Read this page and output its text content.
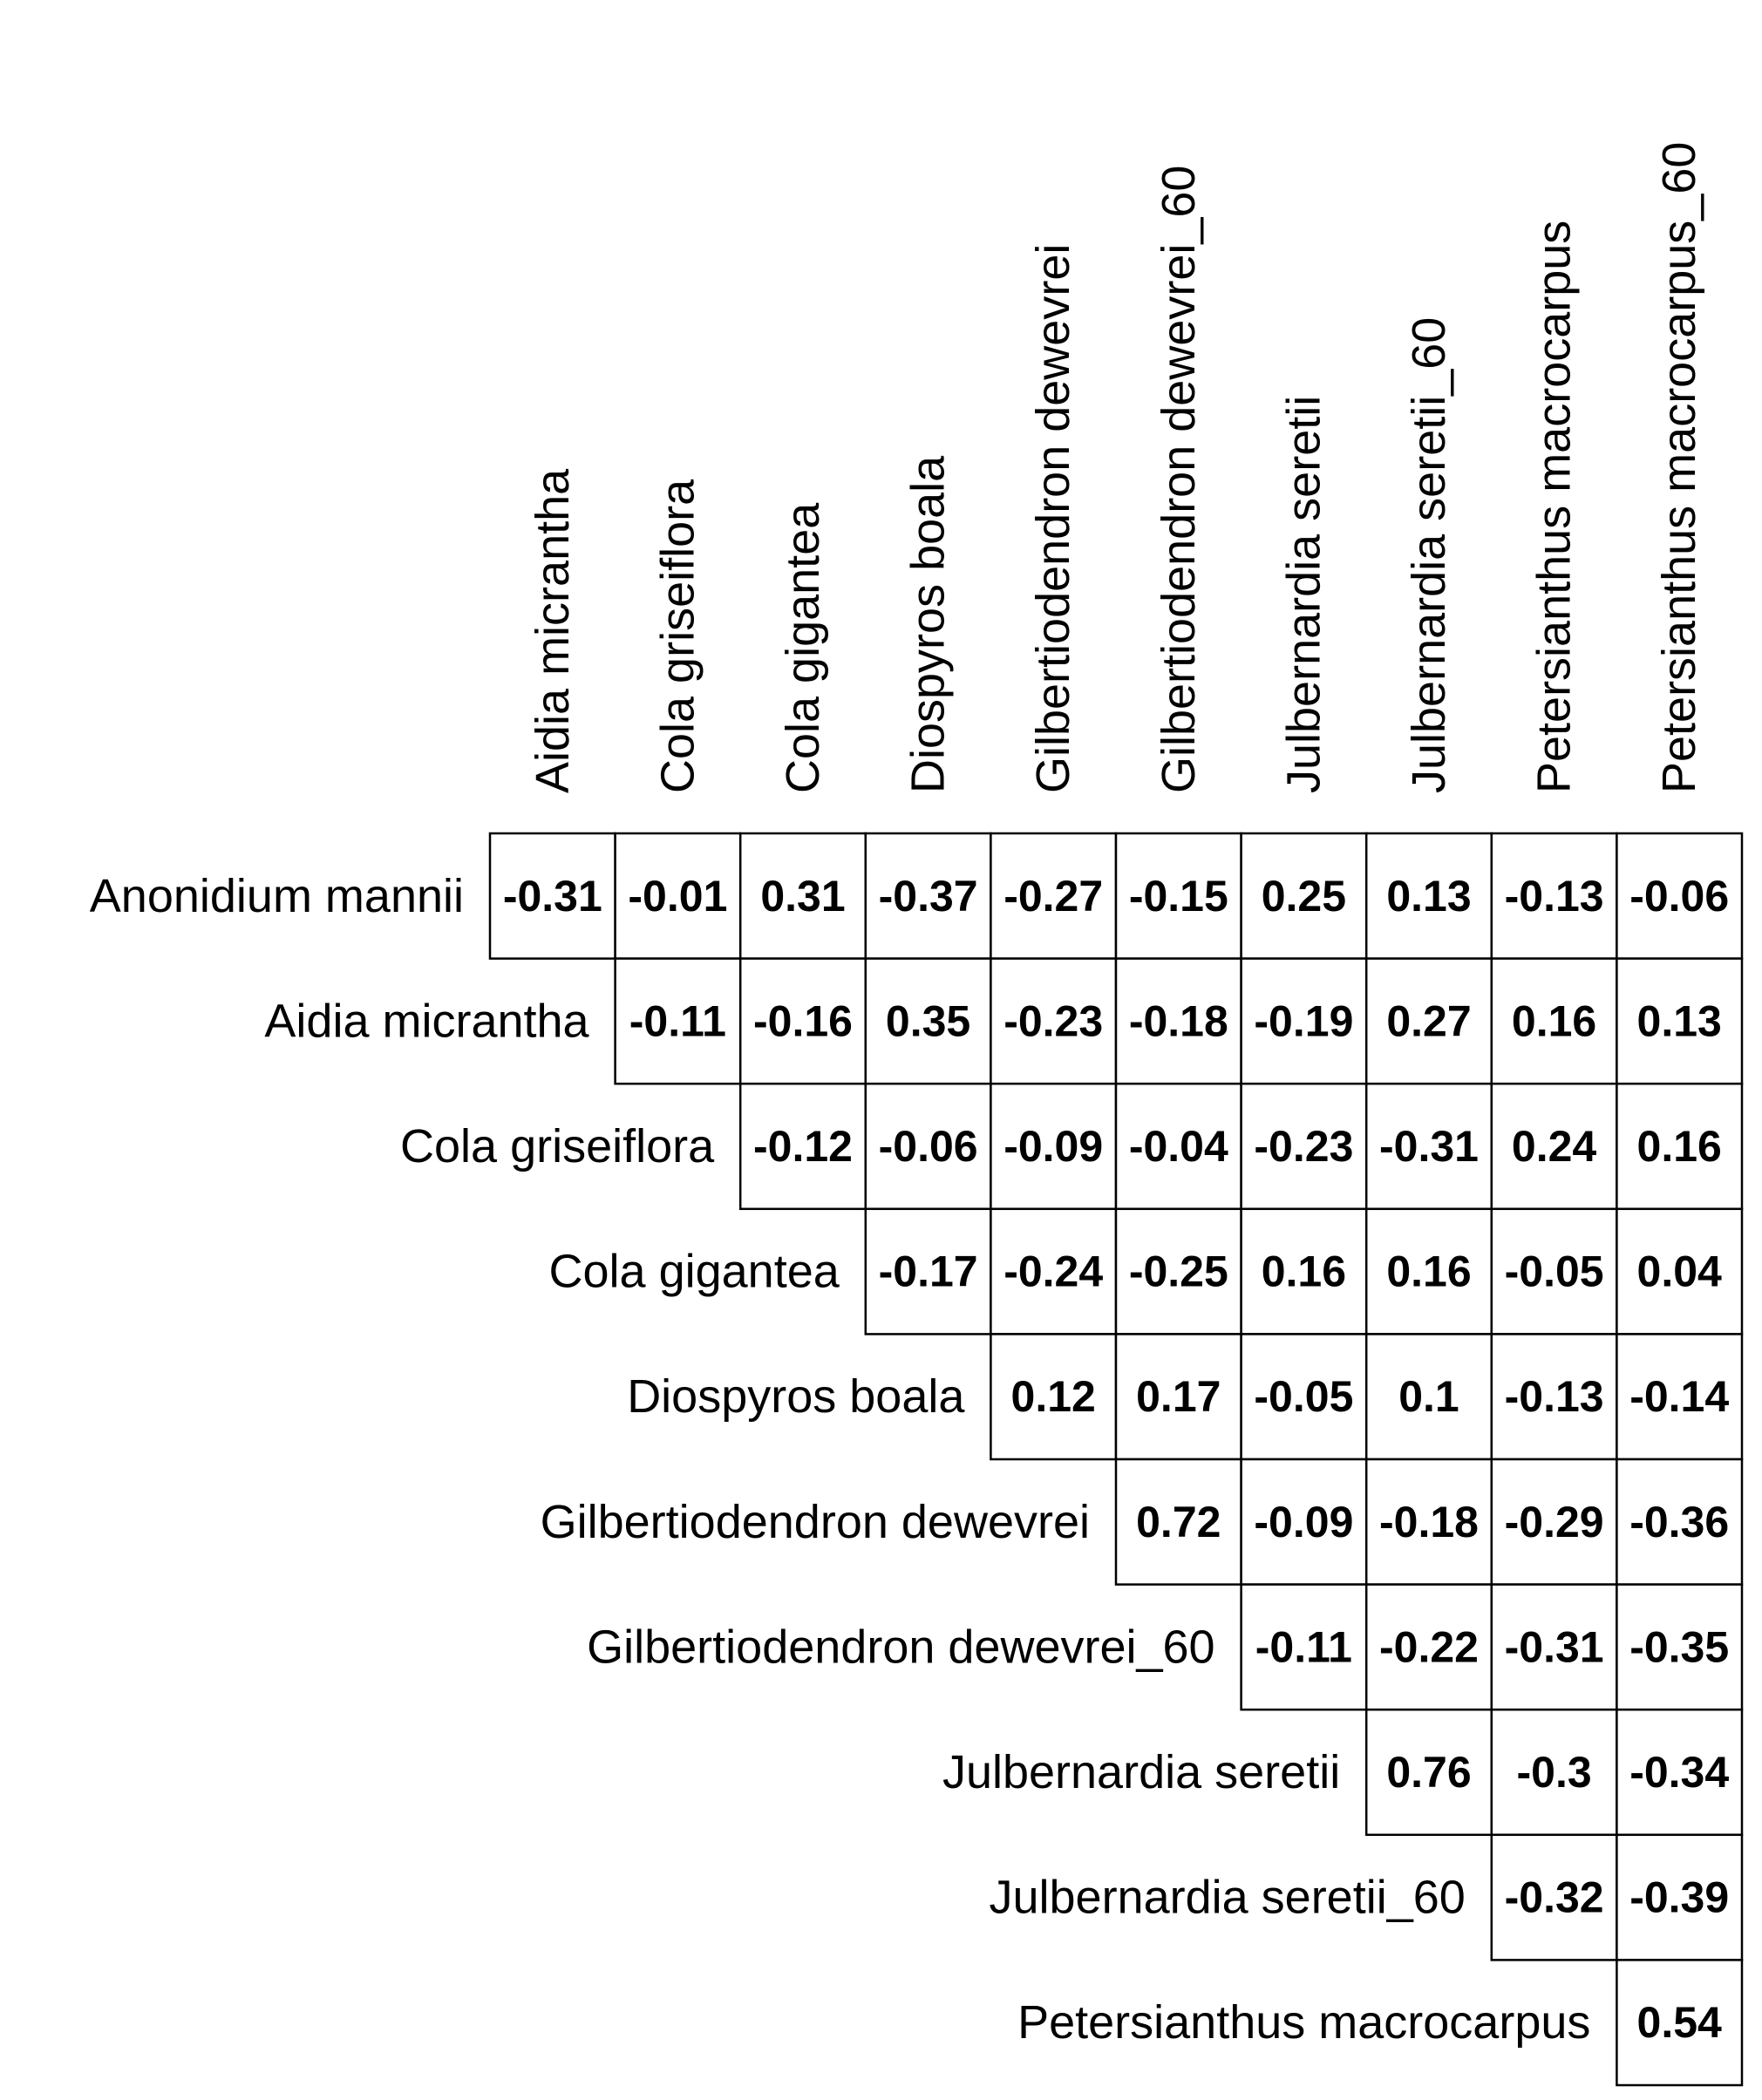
Aidia micrantha Cola griseiflora Cola gigantea Diospyros boala Gilbertiodendron dewevrei Gilbertiodendron dewevrei_60 Julbernardia seretii Julbernardia seretii_60 Petersianthus macrocarpus Petersianthus macrocarpus_60
-0.31 -0.01 0.31 -0.37 -0.27 -0.15 0.25 0.13 -0.13 -0.06
-0.11 -0.16 0.35 -0.23 -0.18 -0.19 0.27 0.16 0.13
-0.12 -0.06 -0.09 -0.04 -0.23 -0.31 0.24 0.16
-0.17 -0.24 -0.25 0.16 0.16 -0.05 0.04
0.12 0.17 -0.05 0.1 -0.13 -0.14
0.72 -0.09 -0.18 -0.29 -0.36
-0.11 -0.22 -0.31 -0.35
0.76 -0.3 -0.34
-0.32 -0.39
0.54
Anonidium mannii
Aidia micrantha
Cola griseiflora
Cola gigantea
Diospyros boala
Gilbertiodendron dewevrei
Gilbertiodendron dewevrei_60
Julbernardia seretii
Julbernardia seretii_60
Petersianthus macrocarpus
